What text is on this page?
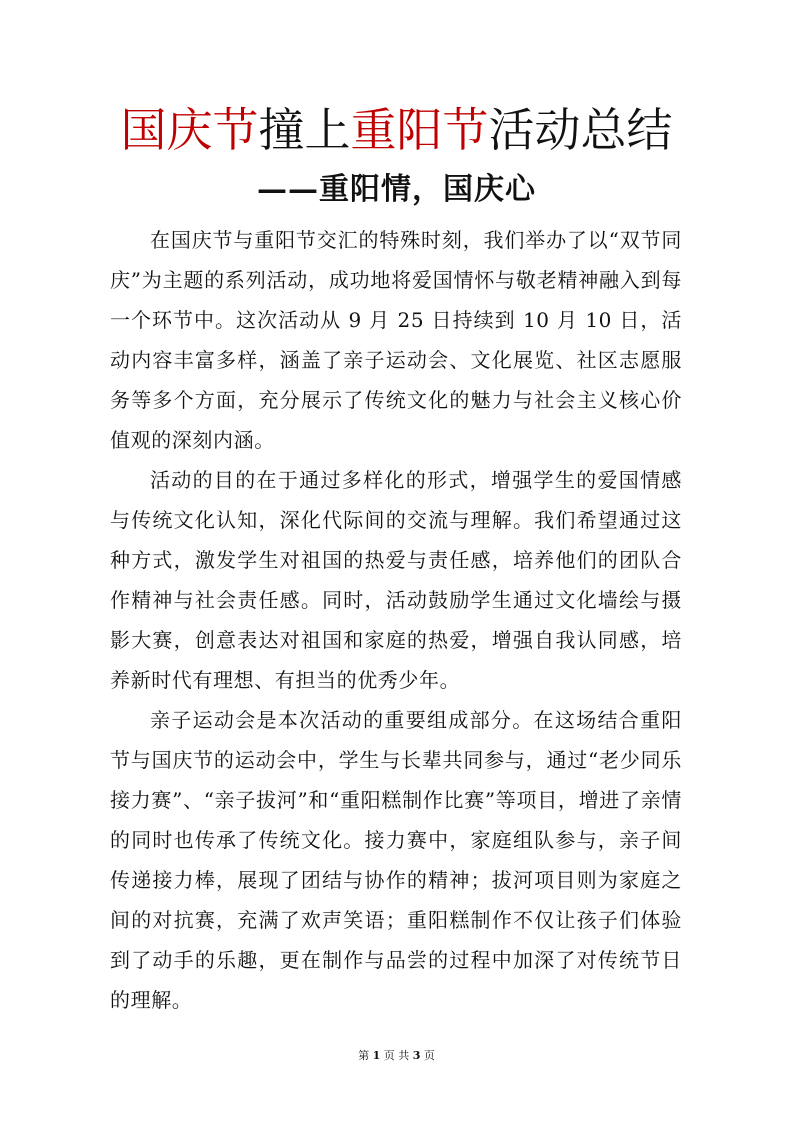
国庆节撞上重阳节活动总结
——重阳情，国庆心

在国庆节与重阳节交汇的特殊时刻，我们举办了以“双节同庆”为主题的系列活动，成功地将爱国情怀与敬老精神融入到每一个环节中。这次活动从 9 月 25 日持续到 10 月 10 日，活动内容丰富多样，涵盖了亲子运动会、文化展览、社区志愿服务等多个方面，充分展示了传统文化的魅力与社会主义核心价值观的深刻内涵。

活动的目的在于通过多样化的形式，增强学生的爱国情感与传统文化认知，深化代际间的交流与理解。我们希望通过这种方式，激发学生对祖国的热爱与责任感，培养他们的团队合作精神与社会责任感。同时，活动鼓励学生通过文化墙绘与摄影大赛，创意表达对祖国和家庭的热爱，增强自我认同感，培养新时代有理想、有担当的优秀少年。

亲子运动会是本次活动的重要组成部分。在这场结合重阳节与国庆节的运动会中，学生与长辈共同参与，通过“老少同乐接力赛”、“亲子拔河”和“重阳糕制作比赛”等项目，增进了亲情的同时也传承了传统文化。接力赛中，家庭组队参与，亲子间传递接力棒，展现了团结与协作的精神；拔河项目则为家庭之间的对抗赛，充满了欢声笑语；重阳糕制作不仅让孩子们体验到了动手的乐趣，更在制作与品尝的过程中加深了对传统节日的理解。

第 1 页 共 3 页
